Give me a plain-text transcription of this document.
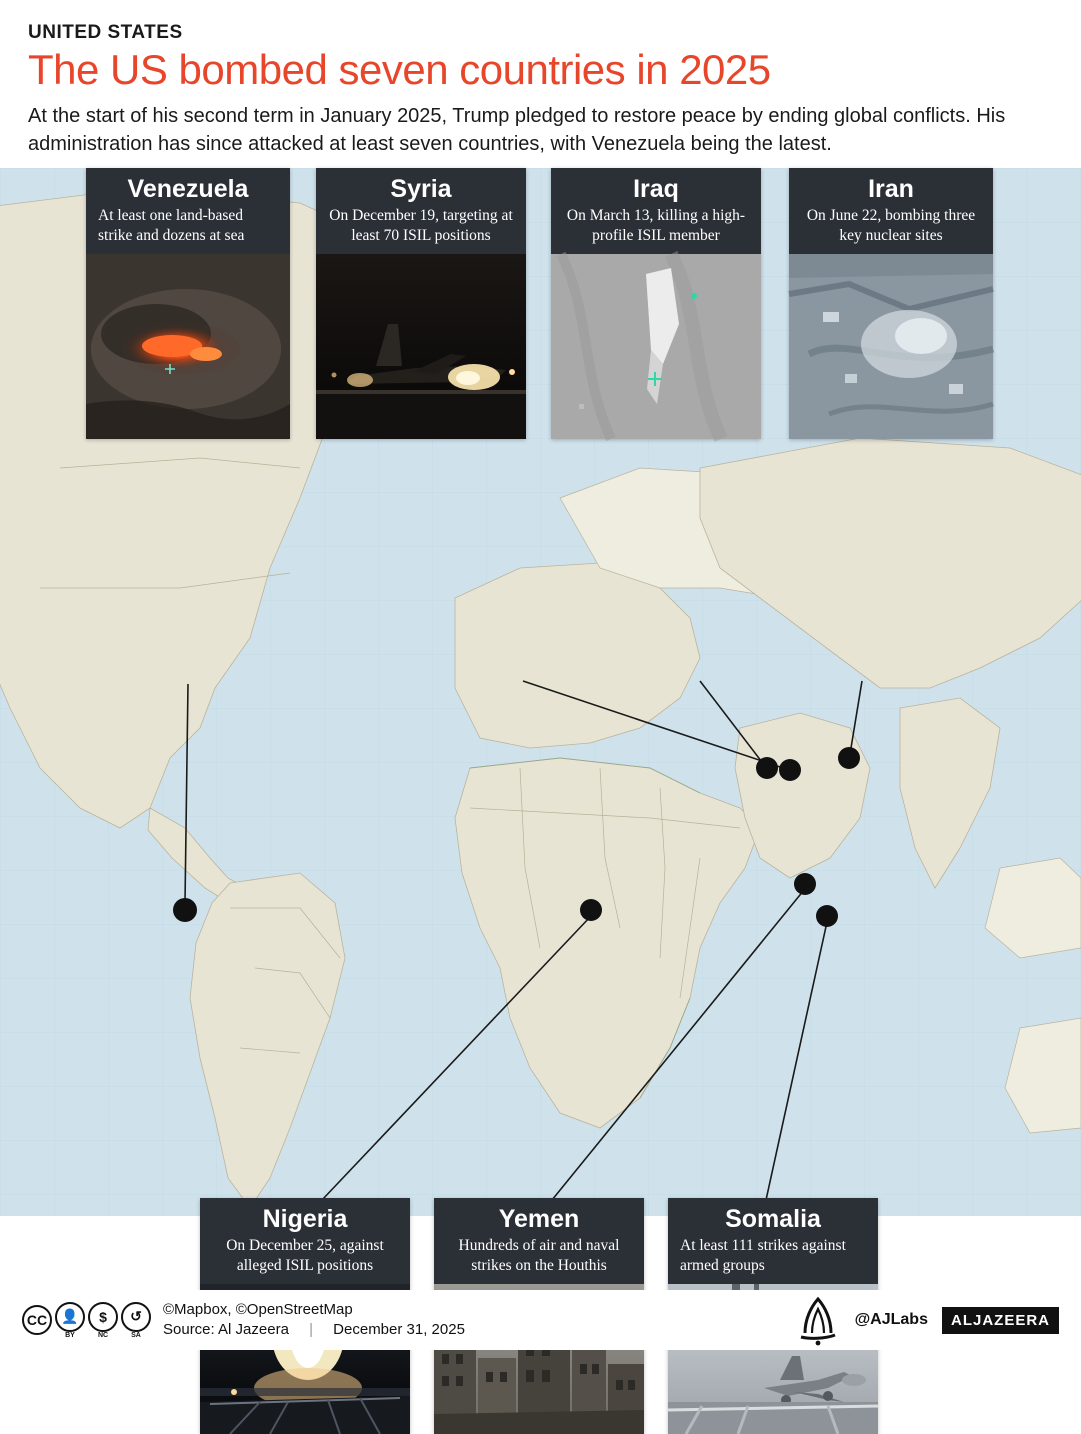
UNITED STATES
The US bombed seven countries in 2025

At the start of his second term in January 2025, Trump pledged to restore peace by ending global conflicts. His administration has since attacked at least seven countries, with Venezuela being the latest.

Venezuela
At least one land-based strike and dozens at sea
Syria
On December 19, targeting at least 70 ISIL positions
Iraq
On March 13, killing a high-profile ISIL member
Iran
On June 22, bombing three key nuclear sites
Nigeria
On December 25, against alleged ISIL positions
Yemen
Hundreds of air and naval strikes on the Houthis
Somalia
At least 111 strikes against armed groups
CC	👤
BY
$
NC
↺
SA
©Mapbox, ©OpenStreetMap
Source: Al Jazeera | December 31, 2025
@AJLabs	ALJAZEERA
